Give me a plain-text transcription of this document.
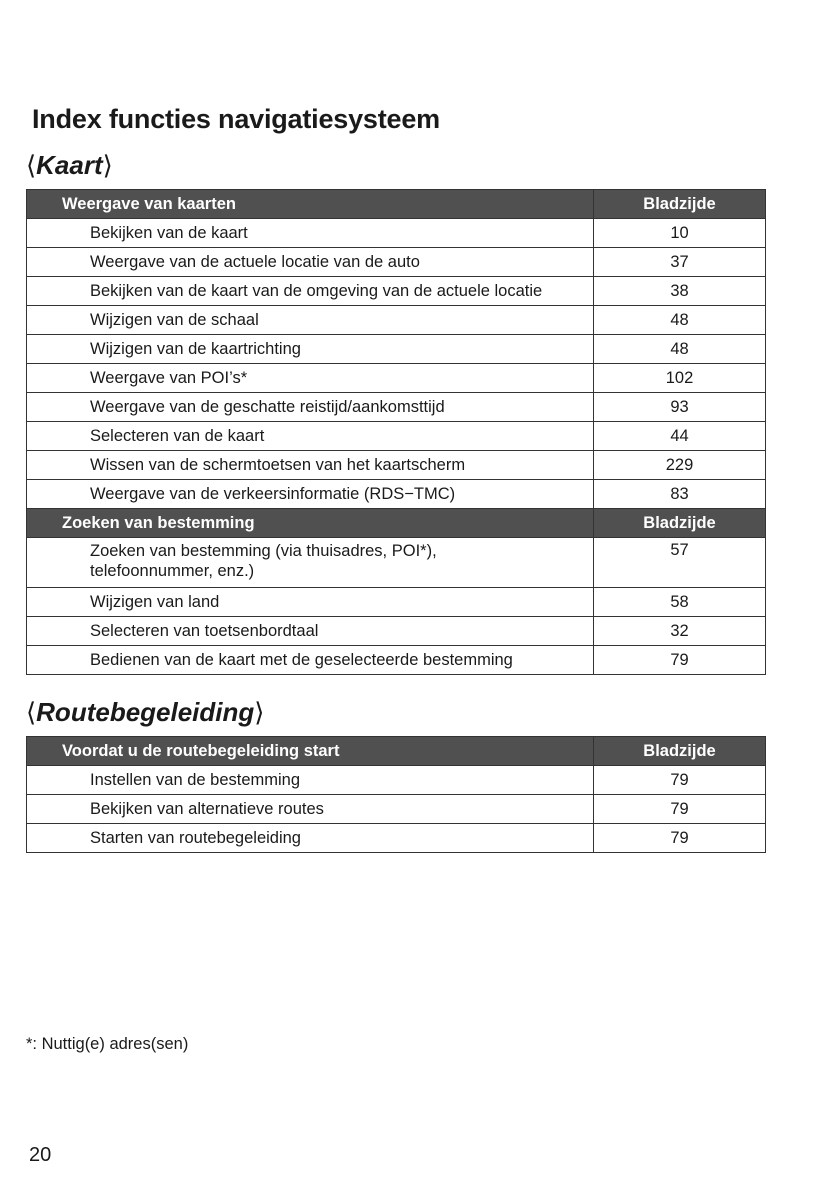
Index functies navigatiesysteem
⟨Kaart⟩
Weergave van kaarten	Bladzijde
Bekijken van de kaart	10
Weergave van de actuele locatie van de auto	37
Bekijken van de kaart van de omgeving van de actuele locatie	38
Wijzigen van de schaal	48
Wijzigen van de kaartrichting	48
Weergave van POI’s*	102
Weergave van de geschatte reistijd/aankomsttijd	93
Selecteren van de kaart	44
Wissen van de schermtoetsen van het kaartscherm	229
Weergave van de verkeersinformatie (RDS−TMC)	83
Zoeken van bestemming	Bladzijde
Zoeken van bestemming (via thuisadres, POI*),
telefoonnummer, enz.)	57
Wijzigen van land	58
Selecteren van toetsenbordtaal	32
Bedienen van de kaart met de geselecteerde bestemming	79
⟨Routebegeleiding⟩
Voordat u de routebegeleiding start	Bladzijde
Instellen van de bestemming	79
Bekijken van alternatieve routes	79
Starten van routebegeleiding	79
*: Nuttig(e) adres(sen)
20
